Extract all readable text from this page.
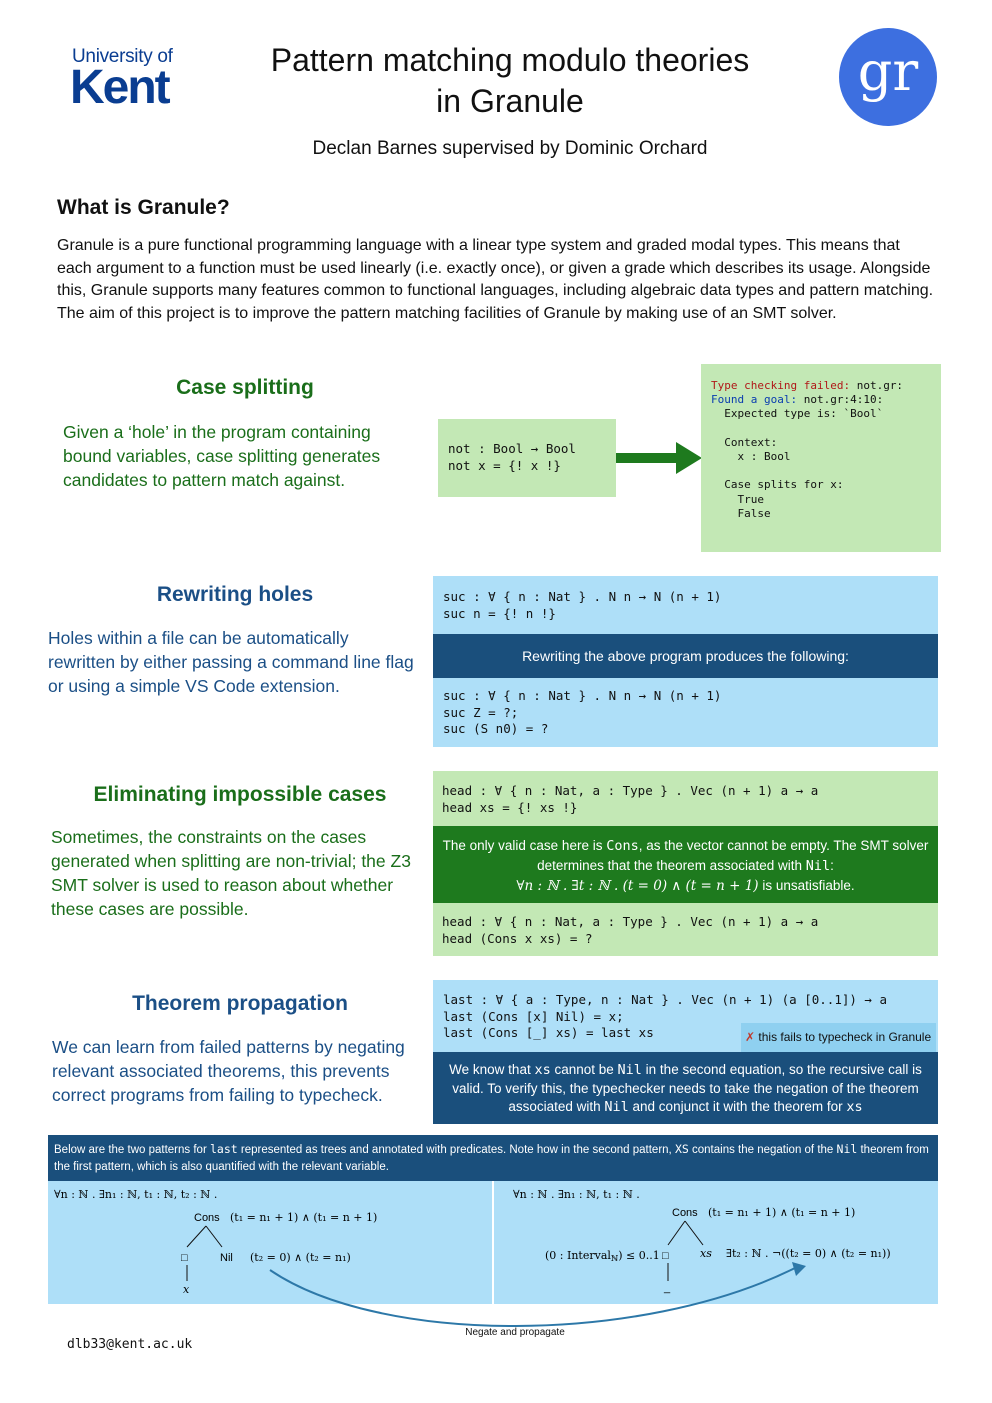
University of
Kent
Pattern matching modulo theories
in Granule	gr
Declan Barnes supervised by Dominic Orchard
What is Granule?
Granule is a pure functional programming language with a linear type system and graded modal types. This means that each argument to a function must be used linearly (i.e. exactly once), or given a grade which describes its usage. Alongside this, Granule supports many features common to functional languages, including algebraic data types and pattern matching. The aim of this project is to improve the pattern matching facilities of Granule by making use of an SMT solver.
Case splitting
Given a ‘hole’ in the program containing bound variables, case splitting generates candidates to pattern match against.
not : Bool → Bool
not x = {! x !}
Type checking failed: not.gr:
Found a goal: not.gr:4:10:
Expected type is: `Bool`

Context:
x : Bool

Case splits for x:
True
False
Rewriting holes
Holes within a file can be automatically rewritten by either passing a command line flag or using a simple VS Code extension.
suc : ∀ { n : Nat } . N n → N (n + 1)
suc n = {! n !}
Rewriting the above program produces the following:
suc : ∀ { n : Nat } . N n → N (n + 1)
suc Z = ?;
suc (S n0) = ?
Eliminating impossible cases
Sometimes, the constraints on the cases generated when splitting are non-trivial; the Z3 SMT solver is used to reason about whether these cases are possible.
head : ∀ { n : Nat, a : Type } . Vec (n + 1) a → a
head xs = {! xs !}
The only valid case here is Cons, as the vector cannot be empty. The SMT solver determines that the theorem associated with Nil:
∀n : ℕ . ∃t : ℕ . (t = 0) ∧ (t = n + 1) is unsatisfiable.
head : ∀ { n : Nat, a : Type } . Vec (n + 1) a → a
head (Cons x xs) = ?
Theorem propagation
We can learn from failed patterns by negating relevant associated theorems, this prevents correct programs from failing to typecheck.
last : ∀ { a : Type, n : Nat } . Vec (n + 1) (a [0..1]) → a
last (Cons [x] Nil) = x;
last (Cons [_] xs) = last xs	✗ this fails to typecheck in Granule
We know that xs cannot be Nil in the second equation, so the recursive call is valid. To verify this, the typechecker needs to take the negation of the theorem associated with Nil and conjunct it with the theorem for xs
Below are the two patterns for last represented as trees and annotated with predicates. Note how in the second pattern, XS contains the negation of the Nil theorem from the first pattern, which is also quantified with the relevant variable.
∀n : ℕ . ∃n₁ : ℕ, t₁ : ℕ, t₂ : ℕ .
Cons (t₁ = n₁ + 1) ∧ (t₁ = n + 1)
□	Nil (t₂ = 0) ∧ (t₂ = n₁)
x
∀n : ℕ . ∃n₁ : ℕ, t₁ : ℕ .
Cons (t₁ = n₁ + 1) ∧ (t₁ = n + 1)
(0 : Intervalℕ) ≤ 0..1 □	xs ∃t₂ : ℕ . ¬((t₂ = 0) ∧ (t₂ = n₁))
_
Negate and propagate
dlb33@kent.ac.uk
